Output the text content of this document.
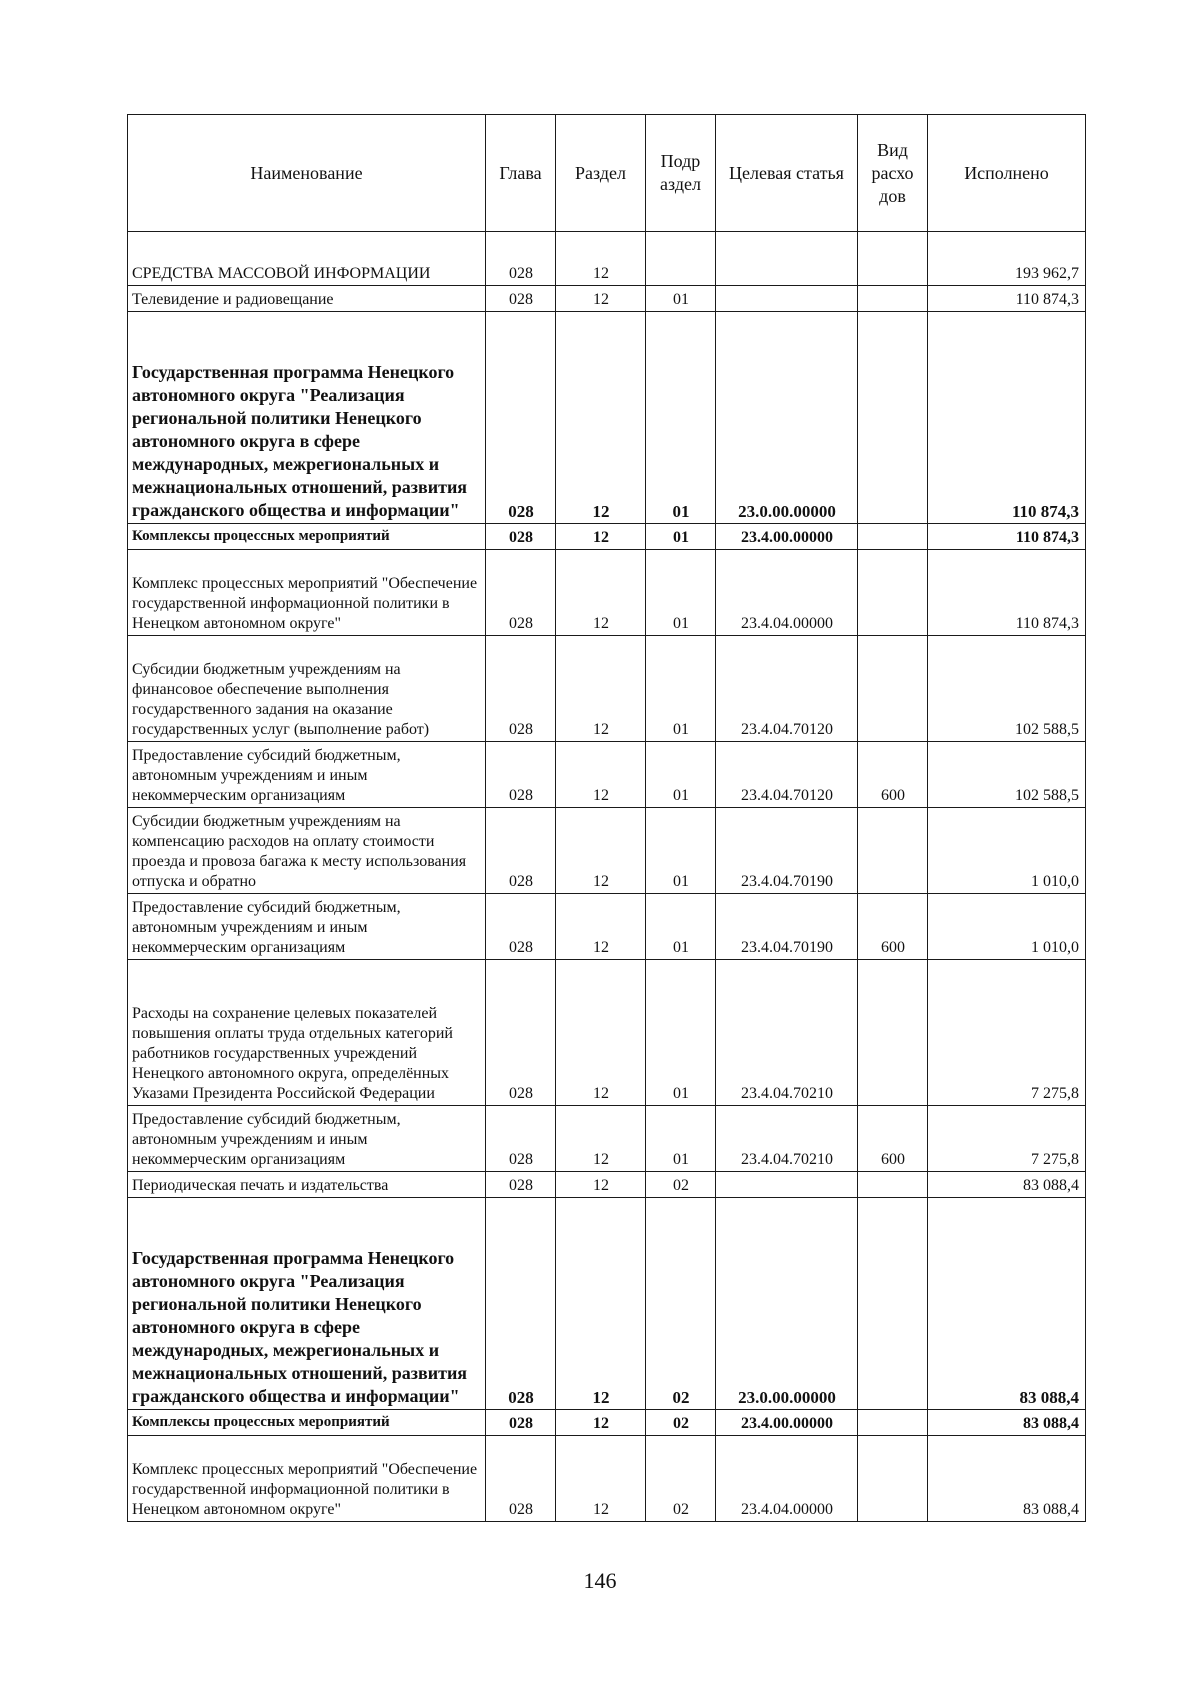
Наименование	Глава	Раздел	Подр аздел	Целевая статья	Вид расхо дов	Исполнено
СРЕДСТВА МАССОВОЙ ИНФОРМАЦИИ	028	12				193 962,7
Телевидение и радиовещание	028	12	01			110 874,3
Государственная программа Ненецкого автономного округа "Реализация региональной политики Ненецкого автономного округа в сфере международных, межрегиональных и межнациональных отношений, развития гражданского общества и информации"	028	12	01	23.0.00.00000		110 874,3
Комплексы процессных мероприятий	028	12	01	23.4.00.00000		110 874,3
Комплекс процессных мероприятий "Обеспечение государственной информационной политики в Ненецком автономном округе"	028	12	01	23.4.04.00000		110 874,3
Субсидии бюджетным учреждениям на финансовое обеспечение выполнения государственного задания на оказание государственных услуг (выполнение работ)	028	12	01	23.4.04.70120		102 588,5
Предоставление субсидий бюджетным, автономным учреждениям и иным некоммерческим организациям	028	12	01	23.4.04.70120	600	102 588,5
Субсидии бюджетным учреждениям на компенсацию расходов на оплату стоимости проезда и провоза багажа к месту использования отпуска и обратно	028	12	01	23.4.04.70190		1 010,0
Предоставление субсидий бюджетным, автономным учреждениям и иным некоммерческим организациям	028	12	01	23.4.04.70190	600	1 010,0
Расходы на сохранение целевых показателей повышения оплаты труда отдельных категорий работников государственных учреждений Ненецкого автономного округа, определённых Указами Президента Российской Федерации	028	12	01	23.4.04.70210		7 275,8
Предоставление субсидий бюджетным, автономным учреждениям и иным некоммерческим организациям	028	12	01	23.4.04.70210	600	7 275,8
Периодическая печать и издательства	028	12	02			83 088,4
Государственная программа Ненецкого автономного округа "Реализация региональной политики Ненецкого автономного округа в сфере международных, межрегиональных и межнациональных отношений, развития гражданского общества и информации"	028	12	02	23.0.00.00000		83 088,4
Комплексы процессных мероприятий	028	12	02	23.4.00.00000		83 088,4
Комплекс процессных мероприятий "Обеспечение государственной информационной политики в Ненецком автономном округе"	028	12	02	23.4.04.00000		83 088,4
146
